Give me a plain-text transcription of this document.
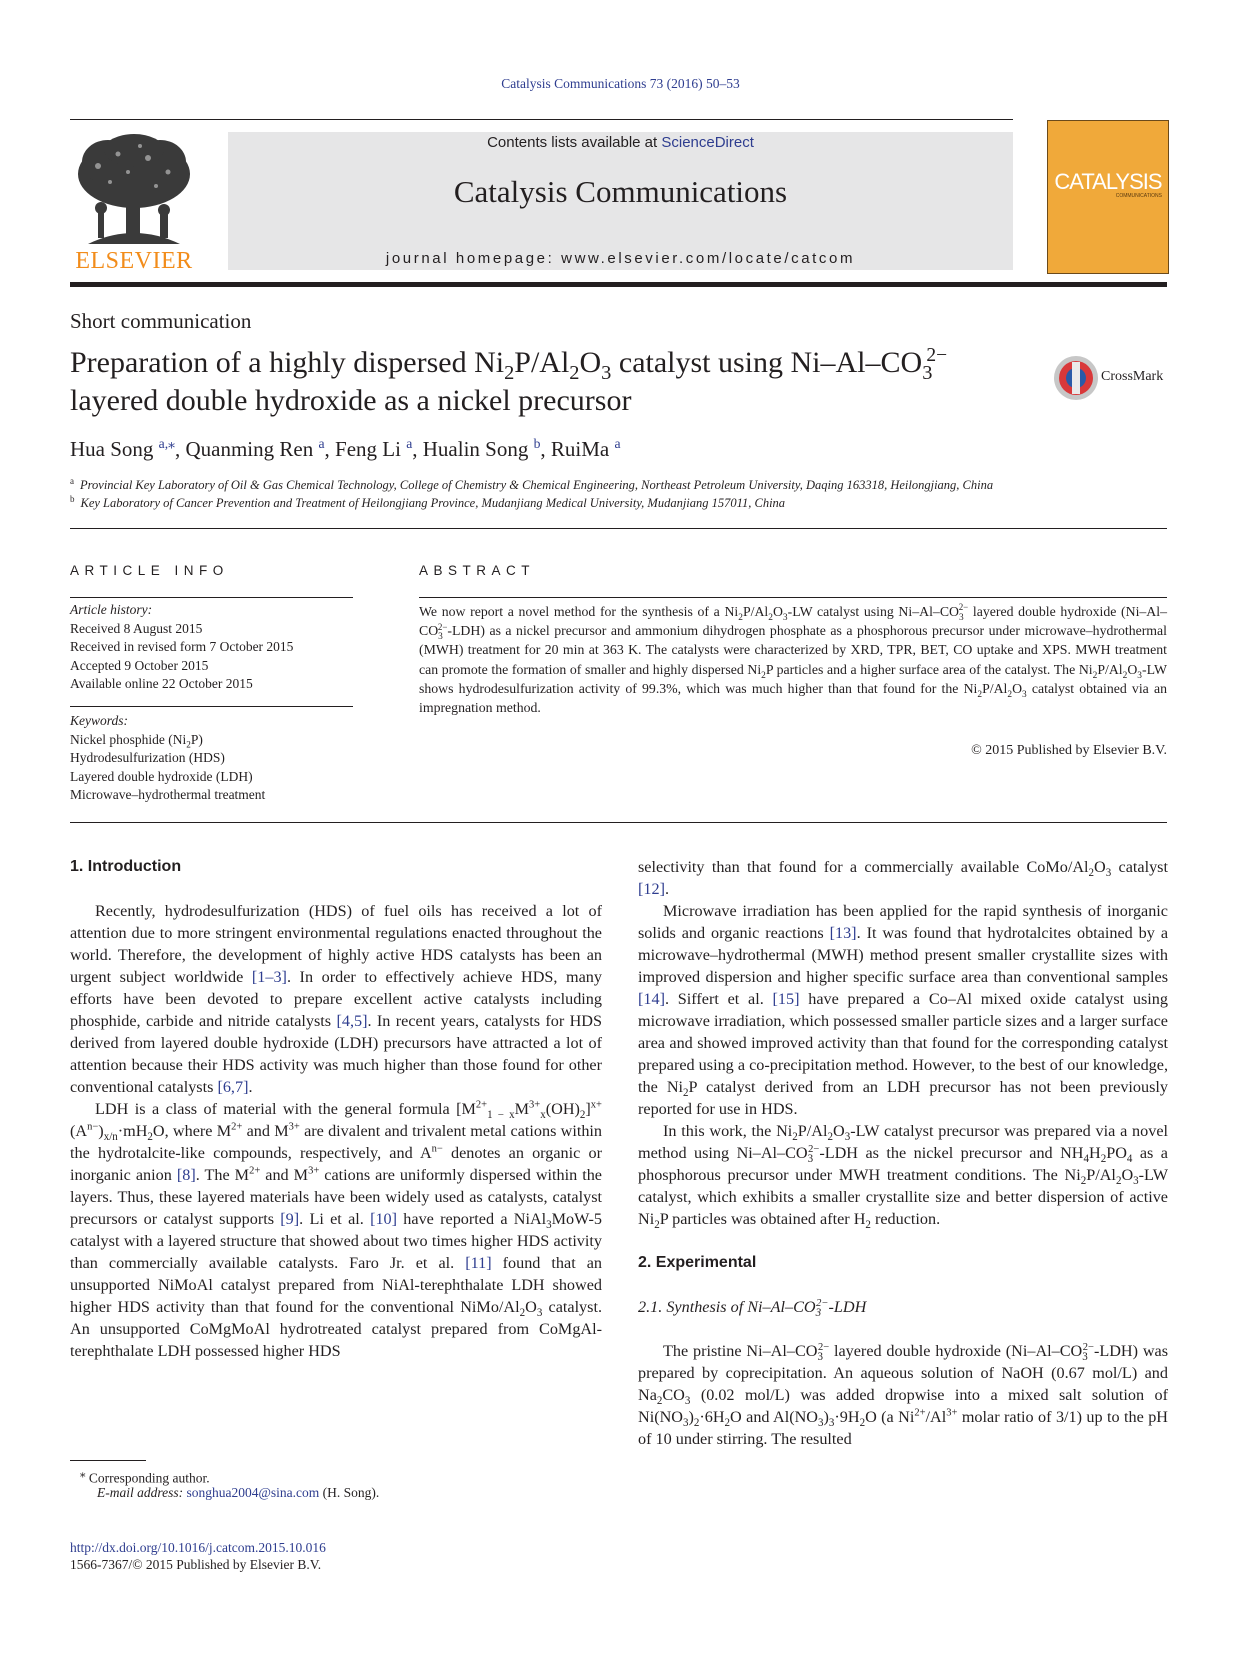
Catalysis Communications 73 (2016) 50–53
ELSEVIER
Contents lists available at ScienceDirect
Catalysis Communications
journal homepage: www.elsevier.com/locate/catcom
CATALYSIS
COMMUNICATIONS
Short communication
Preparation of a highly dispersed $Ni_2P/Al_2O_3$ catalyst using $Ni-Al-CO_3^{2-}$
layered double hydroxide as a nickel precursor
CrossMark
Hua Song $^{a,⁎}$, Quanming Ren $^a$, Feng Li $^a$, Hualin Song $^b$, RuiMa $^a$
$^a$ Provincial Key Laboratory of Oil & Gas Chemical Technology, College of Chemistry & Chemical Engineering, Northeast Petroleum University, Daqing 163318, Heilongjiang, China
$^b$ Key Laboratory of Cancer Prevention and Treatment of Heilongjiang Province, Mudanjiang Medical University, Mudanjiang 157011, China
ARTICLE INFO
Article history:
Received 8 August 2015
Received in revised form 7 October 2015
Accepted 9 October 2015
Available online 22 October 2015
Keywords:
Nickel phosphide $(Ni_2P)$
Hydrodesulfurization (HDS)
Layered double hydroxide (LDH)
Microwave–hydrothermal treatment
ABSTRACT
We now report a novel method for the synthesis of a $Ni_2P/Al_2O_3-LW$ catalyst using $Ni-Al-CO_3^{2-}$ layered double hydroxide $(Ni-Al-CO_3^{2-}-LDH)$ as a nickel precursor and ammonium dihydrogen phosphate as a phosphorous precursor under microwave–hydrothermal (MWH) treatment for 20 min at 363 K. The catalysts were characterized by XRD, TPR, BET, CO uptake and XPS. MWH treatment can promote the formation of smaller and highly dispersed $Ni_2P$ particles and a higher surface area of the catalyst. The $Ni_2P/Al_2O_3-LW$ shows hydrodesulfurization activity of 99.3%, which was much higher than that found for the $Ni_2P/Al_2O_3$ catalyst obtained via an impregnation method.
© 2015 Published by Elsevier B.V.
1. Introduction

Recently, hydrodesulfurization (HDS) of fuel oils has received a lot of attention due to more stringent environmental regulations enacted throughout the world. Therefore, the development of highly active HDS catalysts has been an urgent subject worldwide [1–3]. In order to effectively achieve HDS, many efforts have been devoted to prepare excellent active catalysts including phosphide, carbide and nitride catalysts [4,5]. In recent years, catalysts for HDS derived from layered double hydroxide (LDH) precursors have attracted a lot of attention because their HDS activity was much higher than those found for other conventional catalysts [6,7].

LDH is a class of material with the general formula $[M^{2+}_{1 - x}M^{3+}_x(OH)_2]^{x+}(A^{n-})_{x/n}\cdot mH_2O$, where $M^{2+}$ and $M^{3+}$ are divalent and trivalent metal cations within the hydrotalcite-like compounds, respectively, and $A^{n-}$ denotes an organic or inorganic anion [8]. The $M^{2+}$ and $M^{3+}$ cations are uniformly dispersed within the layers. Thus, these layered materials have been widely used as catalysts, catalyst precursors or catalyst supports [9]. Li et al. [10] have reported a NiAl$_3$MoW-5 catalyst with a layered structure that showed about two times higher HDS activity than commercially available catalysts. Faro Jr. et al. [11] found that an unsupported NiMoAl catalyst prepared from NiAl-terephthalate LDH showed higher HDS activity than that found for the conventional NiMo/$Al_2O_3$ catalyst. An unsupported CoMgMoAl hydrotreated catalyst prepared from CoMgAl-terephthalate LDH possessed higher HDS

⁎ Corresponding author.
E-mail address: songhua2004@sina.com (H. Song).
http://dx.doi.org/10.1016/j.catcom.2015.10.016
1566-7367/© 2015 Published by Elsevier B.V.

selectivity than that found for a commercially available CoMo/$Al_2O_3$ catalyst [12].

Microwave irradiation has been applied for the rapid synthesis of inorganic solids and organic reactions [13]. It was found that hydrotalcites obtained by a microwave–hydrothermal (MWH) method present smaller crystallite sizes with improved dispersion and higher specific surface area than conventional samples [14]. Siffert et al. [15] have prepared a Co–Al mixed oxide catalyst using microwave irradiation, which possessed smaller particle sizes and a larger surface area and showed improved activity than that found for the corresponding catalyst prepared using a co-precipitation method. However, to the best of our knowledge, the $Ni_2P$ catalyst derived from an LDH precursor has not been previously reported for use in HDS.

In this work, the $Ni_2P/Al_2O_3-LW$ catalyst precursor was prepared via a novel method using $Ni-Al-CO_3^{2-}$-LDH as the nickel precursor and $NH_4H_2PO_4$ as a phosphorous precursor under MWH treatment conditions. The $Ni_2P/Al_2O_3-LW$ catalyst, which exhibits a smaller crystallite size and better dispersion of active $Ni_2P$ particles was obtained after $H_2$ reduction.

2. Experimental
2.1. Synthesis of $Ni-Al-CO_3^{2-}$-LDH

The pristine $Ni-Al-CO_3^{2-}$ layered double hydroxide $(Ni-Al-CO_3^{2-}-LDH)$ was prepared by coprecipitation. An aqueous solution of NaOH (0.67 mol/L) and $Na_2CO_3$ (0.02 mol/L) was added dropwise into a mixed salt solution of $Ni(NO_3)_2\cdot 6H_2O$ and $Al(NO_3)_3\cdot 9H_2O$ (a $Ni^{2+}/Al^{3+}$ molar ratio of 3/1) up to the pH of 10 under stirring. The resulted
